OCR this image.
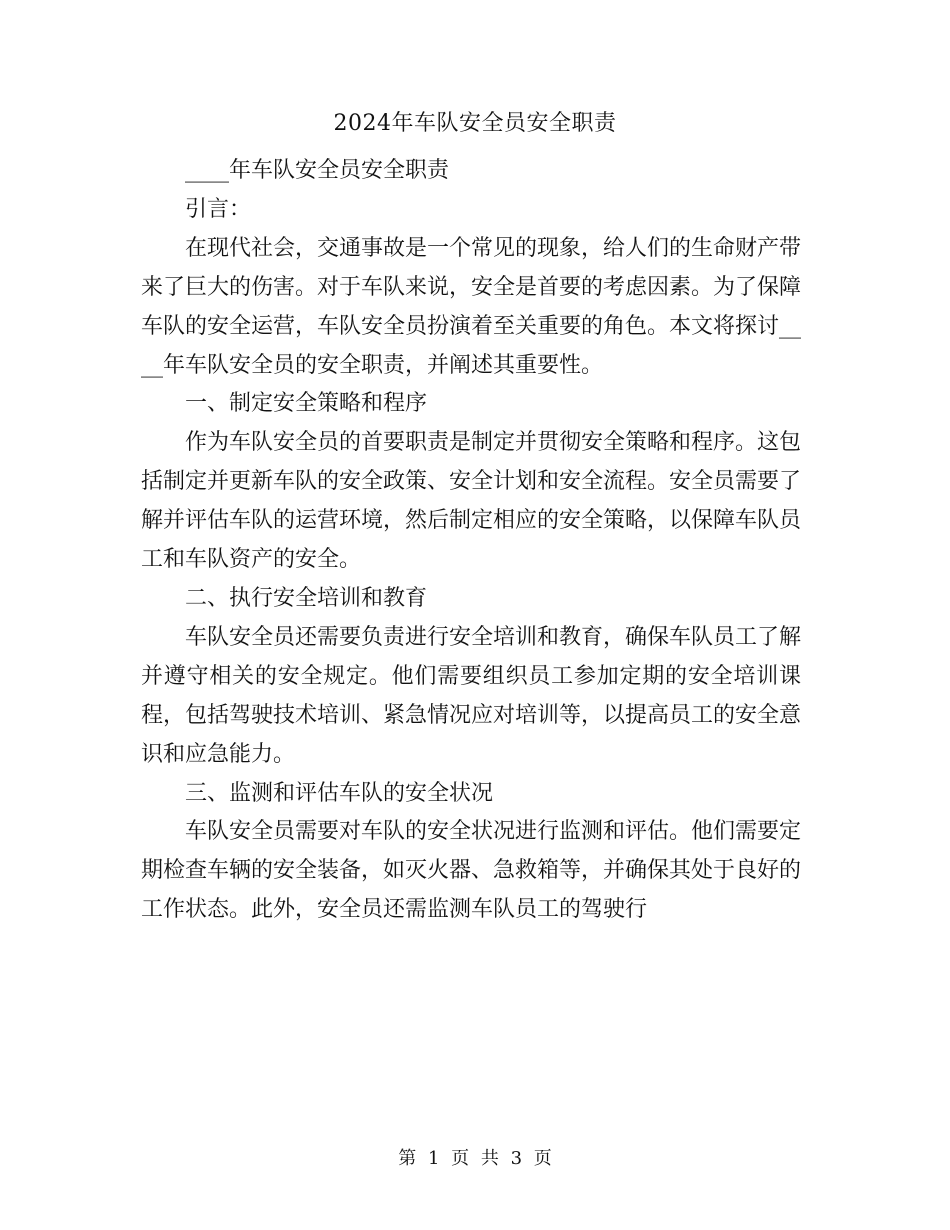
2024年车队安全员安全职责

____年车队安全员安全职责

引言：

在现代社会，交通事故是一个常见的现象，给人们的生命财产带来了巨大的伤害。对于车队来说，安全是首要的考虑因素。为了保障车队的安全运营，车队安全员扮演着至关重要的角色。本文将探讨____年车队安全员的安全职责，并阐述其重要性。

一、制定安全策略和程序

作为车队安全员的首要职责是制定并贯彻安全策略和程序。这包括制定并更新车队的安全政策、安全计划和安全流程。安全员需要了解并评估车队的运营环境，然后制定相应的安全策略，以保障车队员工和车队资产的安全。

二、执行安全培训和教育

车队安全员还需要负责进行安全培训和教育，确保车队员工了解并遵守相关的安全规定。他们需要组织员工参加定期的安全培训课程，包括驾驶技术培训、紧急情况应对培训等，以提高员工的安全意识和应急能力。

三、监测和评估车队的安全状况

车队安全员需要对车队的安全状况进行监测和评估。他们需要定期检查车辆的安全装备，如灭火器、急救箱等，并确保其处于良好的工作状态。此外，安全员还需监测车队员工的驾驶行

第 1 页 共 3 页
